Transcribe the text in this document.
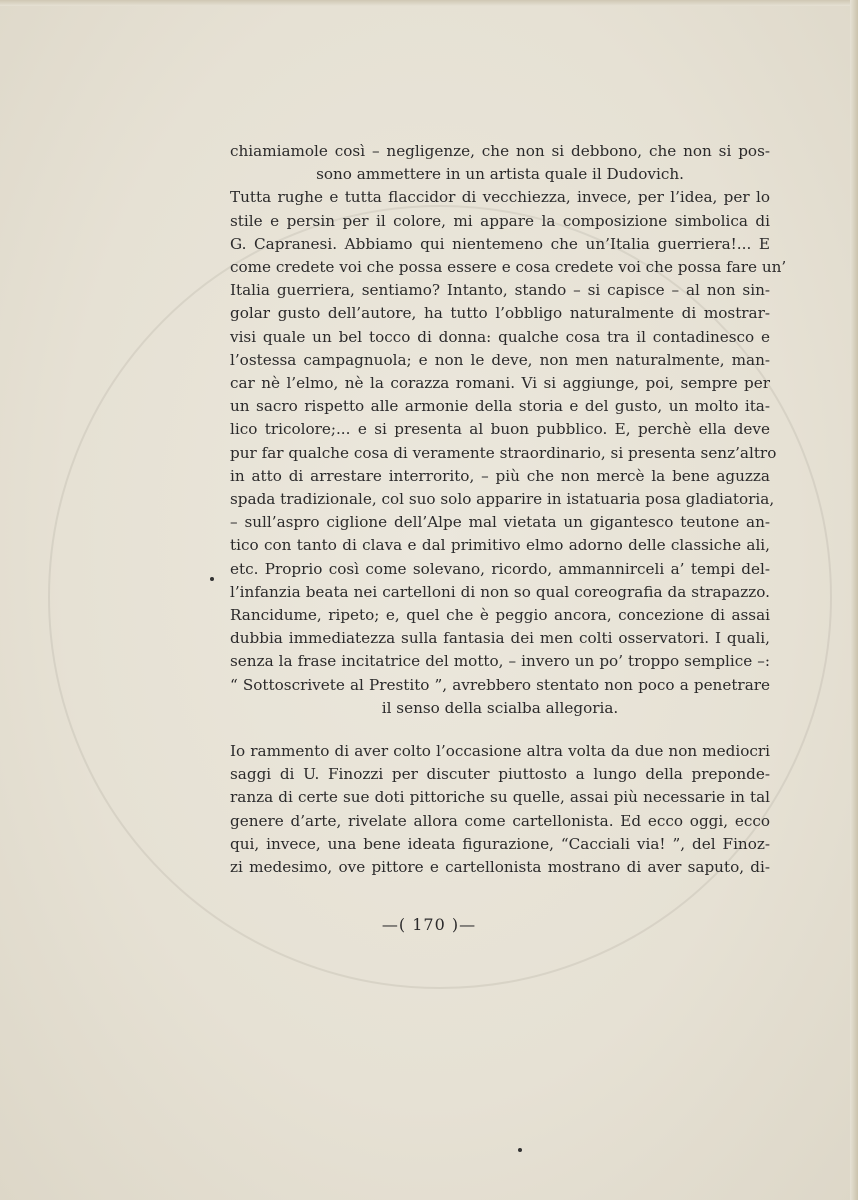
chiamiamole così – negligenze, che non si debbono, che non si pos-
sono ammettere in un artista quale il Dudovich.
Tutta rughe e tutta flaccidor di vecchiezza, invece, per l’idea, per lo
stile e persin per il colore, mi appare la composizione simbolica di
G. Capranesi. Abbiamo qui nientemeno che un’Italia guerriera!... E
come credete voi che possa essere e cosa credete voi che possa fare un’
Italia guerriera, sentiamo? Intanto, stando – si capisce – al non sin-
golar gusto dell’autore, ha tutto l’obbligo naturalmente di mostrar-
visi quale un bel tocco di donna: qualche cosa tra il contadinesco e
l’ostessa campagnuola; e non le deve, non men naturalmente, man-
car nè l’elmo, nè la corazza romani. Vi si aggiunge, poi, sempre per
un sacro rispetto alle armonie della storia e del gusto, un molto ita-
lico tricolore;... e si presenta al buon pubblico. E, perchè ella deve
pur far qualche cosa di veramente straordinario, si presenta senz’altro
in atto di arrestare interrorito, – più che non mercè la bene aguzza
spada tradizionale, col suo solo apparire in istatuaria posa gladiatoria,
– sull’aspro ciglione dell’Alpe mal vietata un gigantesco teutone an-
tico con tanto di clava e dal primitivo elmo adorno delle classiche ali,
etc. Proprio così come solevano, ricordo, ammannirceli a’ tempi del-
l’infanzia beata nei cartelloni di non so qual coreografia da strapazzo.
Rancidume, ripeto; e, quel che è peggio ancora, concezione di assai
dubbia immediatezza sulla fantasia dei men colti osservatori. I quali,
senza la frase incitatrice del motto, – invero un po’ troppo semplice –:
“ Sottoscrivete al Prestito ”, avrebbero stentato non poco a penetrare
il senso della scialba allegoria.
Io rammento di aver colto l’occasione altra volta da due non mediocri
saggi di U. Finozzi per discuter piuttosto a lungo della preponde-
ranza di certe sue doti pittoriche su quelle, assai più necessarie in tal
genere d’arte, rivelate allora come cartellonista. Ed ecco oggi, ecco
qui, invece, una bene ideata figurazione, “Cacciali via! ”, del Finoz-
zi medesimo, ove pittore e cartellonista mostrano di aver saputo, di-
—( 170 )—
